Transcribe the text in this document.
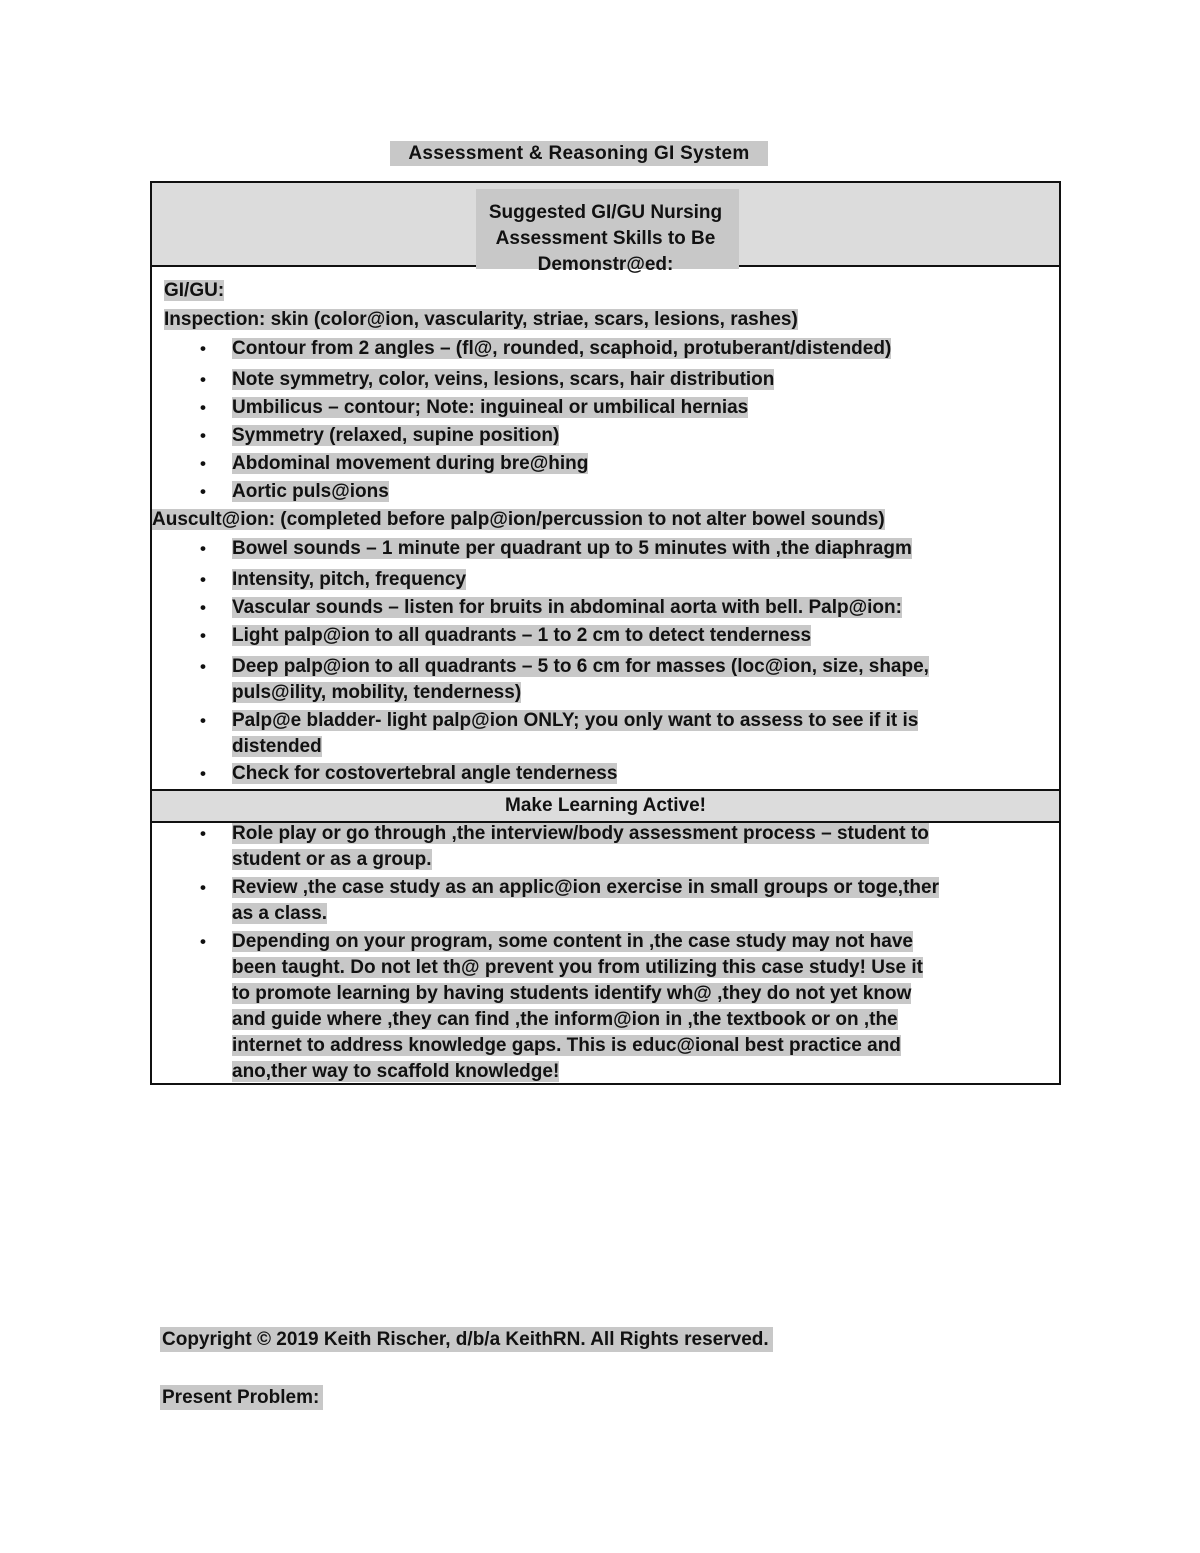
Assessment & Reasoning GI System
Suggested GI/GU Nursing
Assessment Skills to Be
Demonstr@ed:
GI/GU:
Inspection: skin (color@ion, vascularity, striae, scars, lesions, rashes)
• Contour from 2 angles – (fl@, rounded, scaphoid, protuberant/distended)
• Note symmetry, color, veins, lesions, scars, hair distribution
• Umbilicus – contour; Note: inguineal or umbilical hernias
• Symmetry (relaxed, supine position)
• Abdominal movement during bre@hing
• Aortic puls@ions
Auscult@ion: (completed before palp@ion/percussion to not alter bowel sounds)
• Bowel sounds – 1 minute per quadrant up to 5 minutes with ,the diaphragm
• Intensity, pitch, frequency
• Vascular sounds – listen for bruits in abdominal aorta with bell. Palp@ion:
• Light palp@ion to all quadrants – 1 to 2 cm to detect tenderness
• Deep palp@ion to all quadrants – 5 to 6 cm for masses (loc@ion, size, shape,
puls@ility, mobility, tenderness)
• Palp@e bladder- light palp@ion ONLY; you only want to assess to see if it is
distended
• Check for costovertebral angle tenderness
• Role play or go through ,the interview/body assessment process – student to
student or as a group.
• Review ,the case study as an applic@ion exercise in small groups or toge,ther
as a class.
• Depending on your program, some content in ,the case study may not have
been taught. Do not let th@ prevent you from utilizing this case study! Use it
to promote learning by having students identify wh@ ,they do not yet know
and guide where ,they can find ,the inform@ion in ,the textbook or on ,the
internet to address knowledge gaps. This is educ@ional best practice and
ano,ther way to scaffold knowledge!
Make Learning Active!
Copyright © 2019 Keith Rischer, d/b/a KeithRN. All Rights reserved.
Present Problem:
